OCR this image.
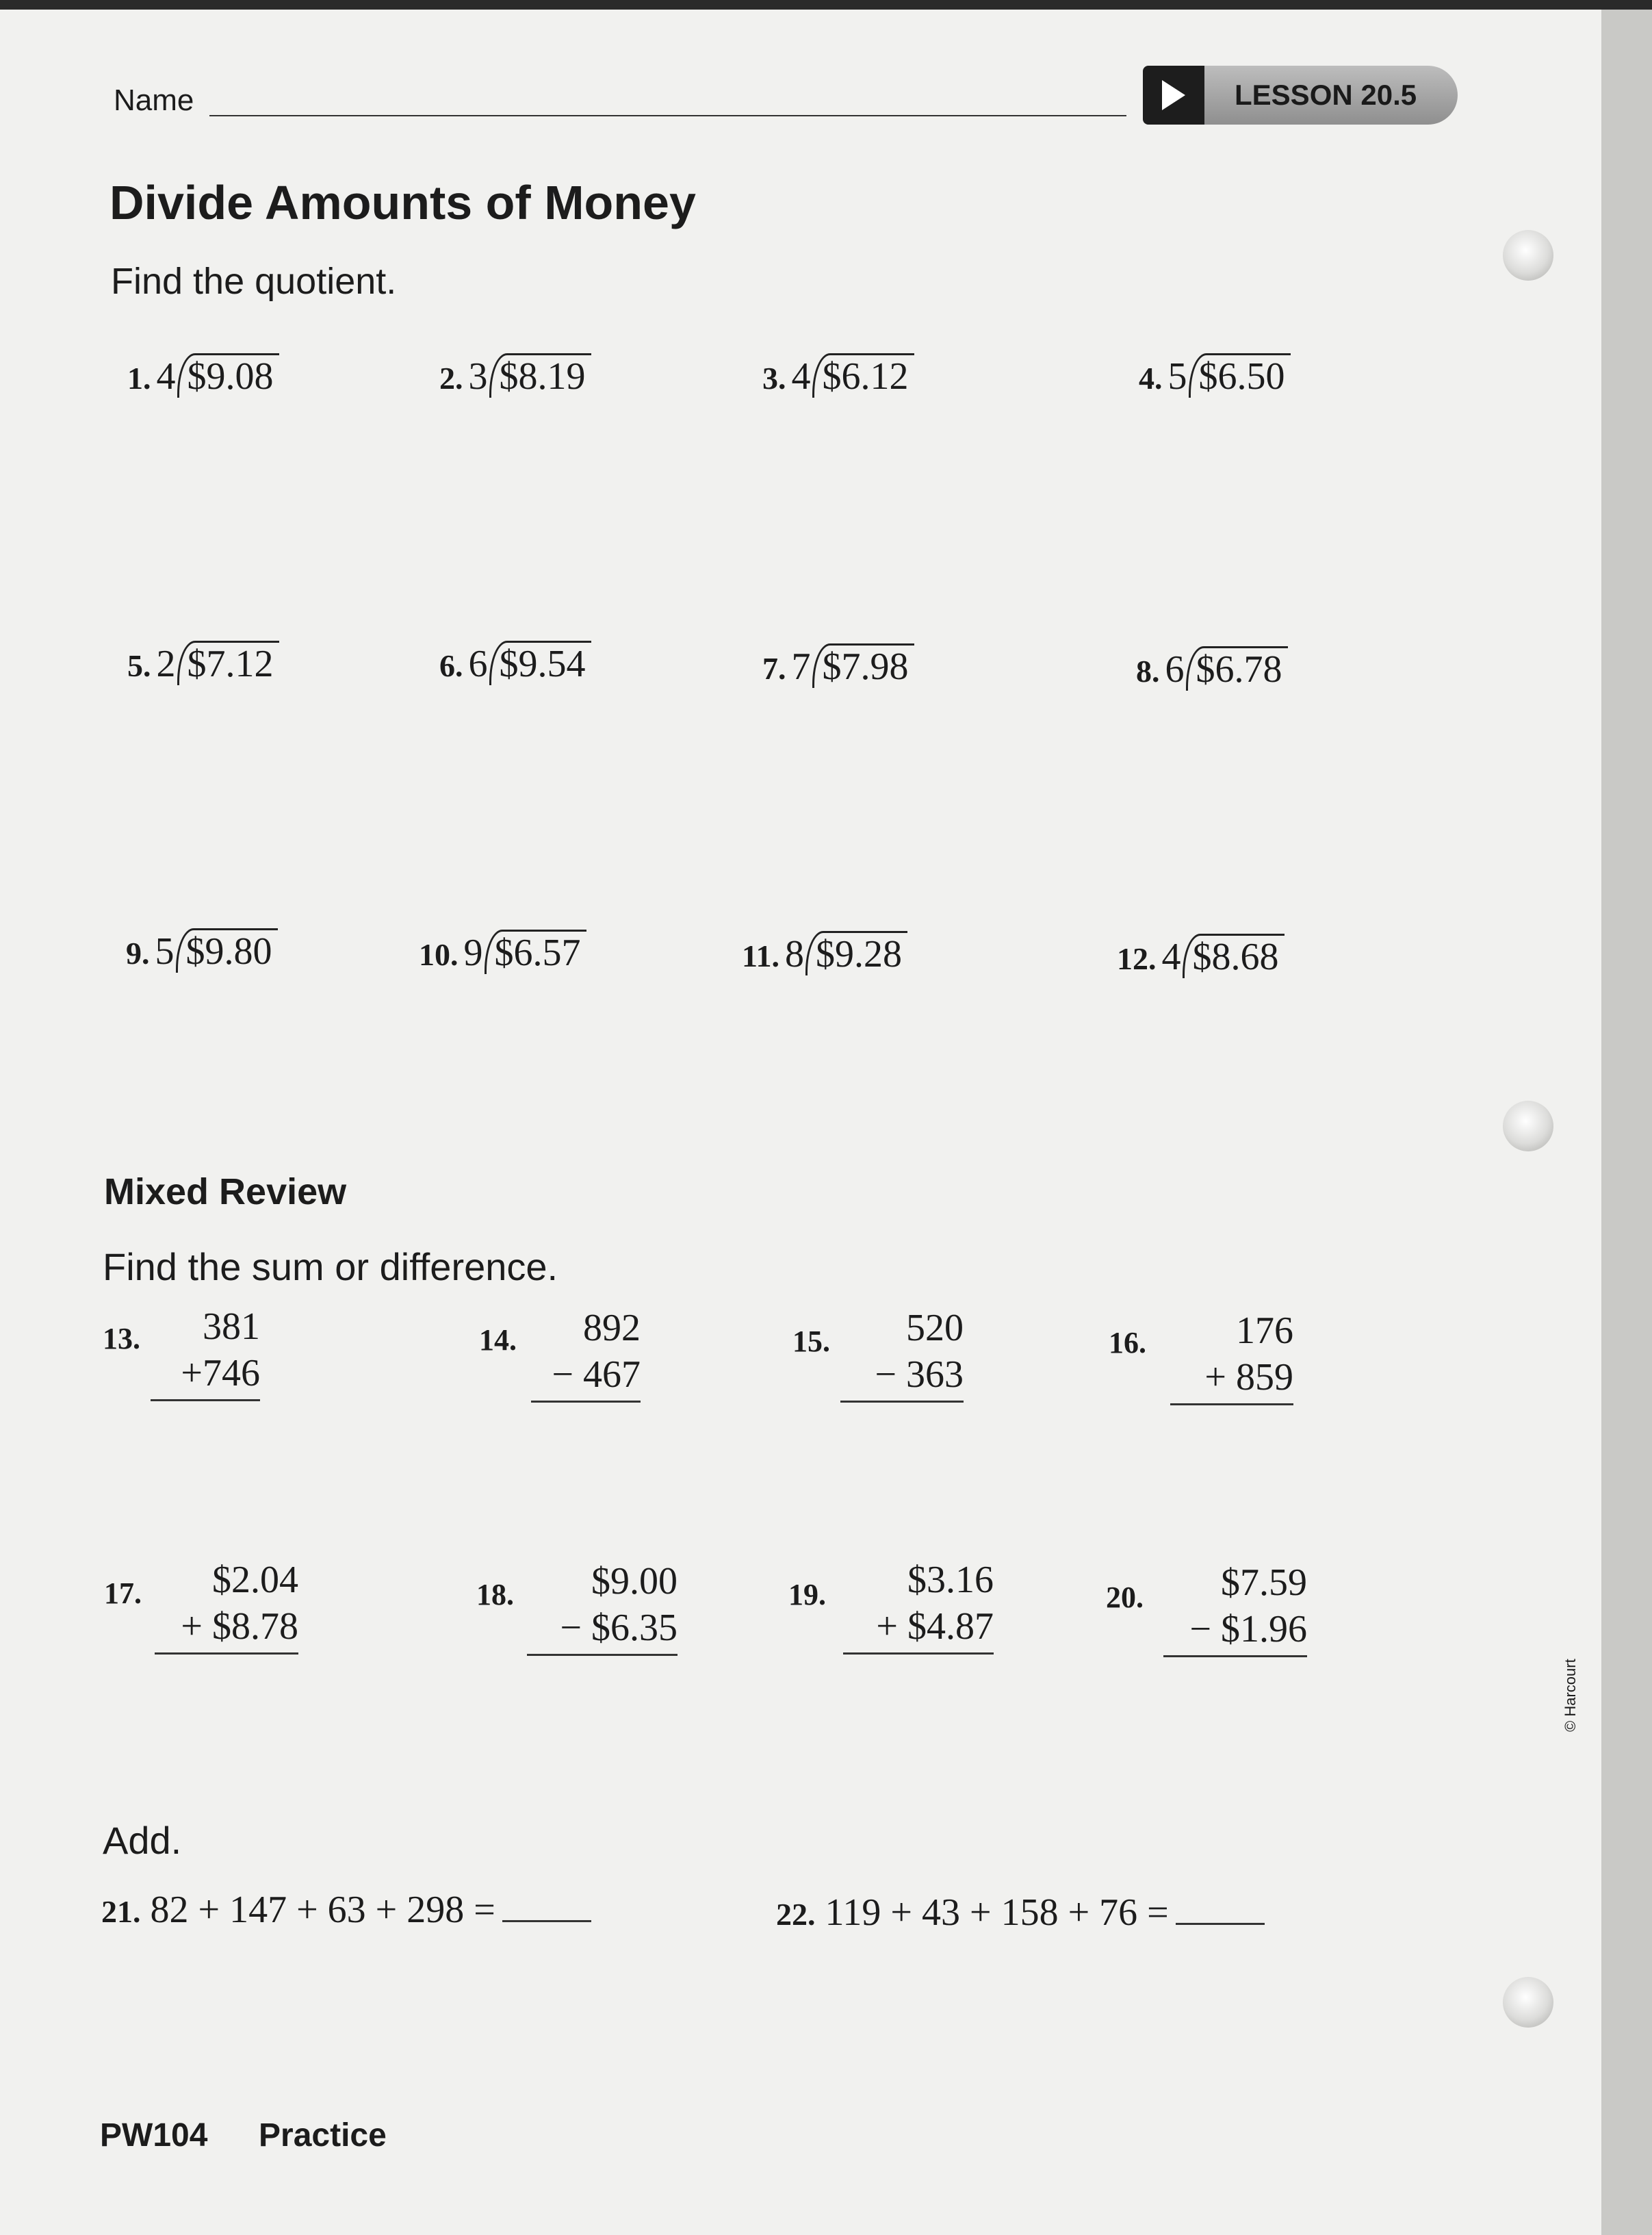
Name	LESSON 20.5
Divide Amounts of Money
Find the quotient.
1. 4 $9.08	2. 3 $8.19	3. 4 $6.12	4. 5 $6.50
5. 2 $7.12	6. 6 $9.54	7. 7 $7.98	8. 6 $6.78
9. 5 $9.80	10. 9 $6.57	11. 8 $9.28	12. 4 $8.68
Mixed Review
Find the sum or difference.
13.	381
+746
14.	892
− 467
15.	520
− 363
16.	176
+ 859
17.	$2.04
+ $8.78
18.	$9.00
− $6.35
19.	$3.16
+ $4.87
20.	$7.59
− $1.96
Add.
21. 82 + 147 + 63 + 298 =	22. 119 + 43 + 158 + 76 =
PW104 Practice
© Harcourt
